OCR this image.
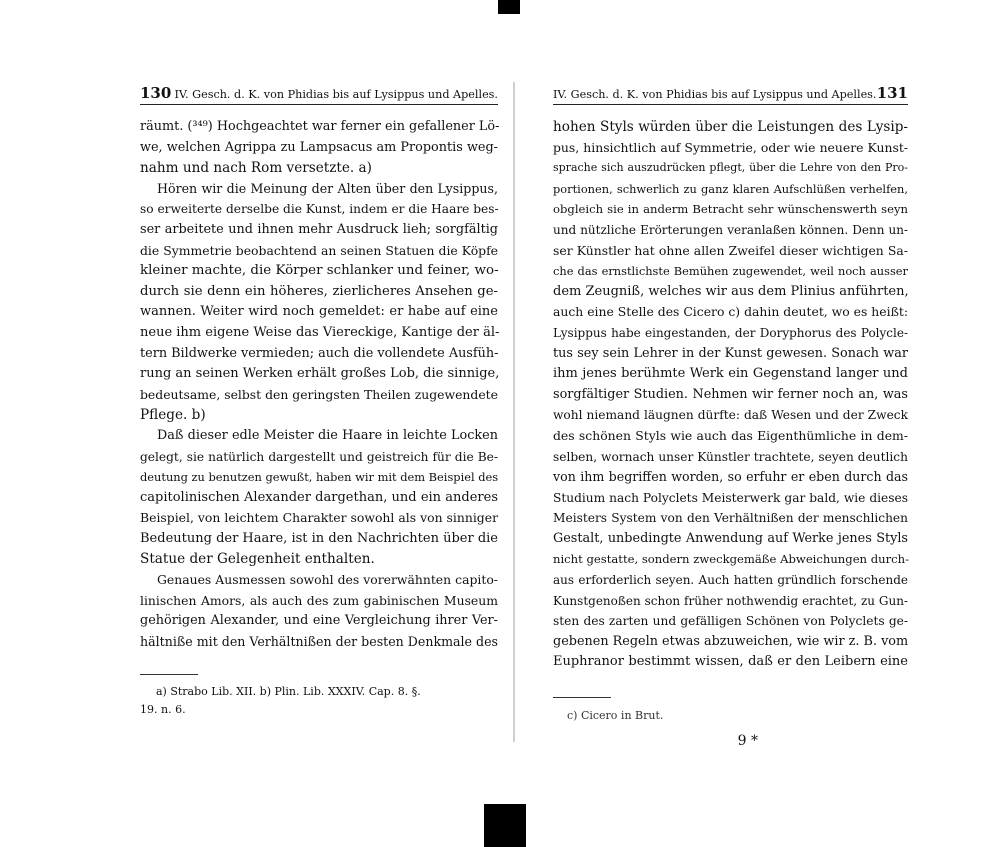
130 IV. Gesch. d. K. von Phidias bis auf Lysippus und Apelles.

räumt. (³⁴⁹) Hochgeachtet war ferner ein gefallener Lö-

we, welchen Agrippa zu Lampsacus am Propontis weg-

nahm und nach Rom versetzte. a)

Hören wir die Meinung der Alten über den Lysippus,

so erweiterte derselbe die Kunst, indem er die Haare bes-

ser arbeitete und ihnen mehr Ausdruck lieh; sorgfältig

die Symmetrie beobachtend an seinen Statuen die Köpfe

kleiner machte, die Körper schlanker und feiner, wo-

durch sie denn ein höheres, zierlicheres Ansehen ge-

wannen. Weiter wird noch gemeldet: er habe auf eine

neue ihm eigene Weise das Viereckige, Kantige der äl-

tern Bildwerke vermieden; auch die vollendete Ausfüh-

rung an seinen Werken erhält großes Lob, die sinnige,

bedeutsame, selbst den geringsten Theilen zugewendete

Pflege. b)

Daß dieser edle Meister die Haare in leichte Locken

gelegt, sie natürlich dargestellt und geistreich für die Be-

deutung zu benutzen gewußt, haben wir mit dem Beispiel des

capitolinischen Alexander dargethan, und ein anderes

Beispiel, von leichtem Charakter sowohl als von sinniger

Bedeutung der Haare, ist in den Nachrichten über die

Statue der Gelegenheit enthalten.

Genaues Ausmessen sowohl des vorerwähnten capito-

linischen Amors, als auch des zum gabinischen Museum

gehörigen Alexander, und eine Vergleichung ihrer Ver-

hältniße mit den Verhältnißen der besten Denkmale des

a) Strabo Lib. XII. b) Plin. Lib. XXXIV. Cap. 8. §.

19. n. 6.

IV. Gesch. d. K. von Phidias bis auf Lysippus und Apelles. 131

hohen Styls würden über die Leistungen des Lysip-

pus, hinsichtlich auf Symmetrie, oder wie neuere Kunst-

sprache sich auszudrücken pflegt, über die Lehre von den Pro-

portionen, schwerlich zu ganz klaren Aufschlüßen verhelfen,

obgleich sie in anderm Betracht sehr wünschenswerth seyn

und nützliche Erörterungen veranlaßen können. Denn un-

ser Künstler hat ohne allen Zweifel dieser wichtigen Sa-

che das ernstlichste Bemühen zugewendet, weil noch ausser

dem Zeugniß, welches wir aus dem Plinius anführten,

auch eine Stelle des Cicero c) dahin deutet, wo es heißt:

Lysippus habe eingestanden, der Doryphorus des Polycle-

tus sey sein Lehrer in der Kunst gewesen. Sonach war

ihm jenes berühmte Werk ein Gegenstand langer und

sorgfältiger Studien. Nehmen wir ferner noch an, was

wohl niemand läugnen dürfte: daß Wesen und der Zweck

des schönen Styls wie auch das Eigenthümliche in dem-

selben, wornach unser Künstler trachtete, seyen deutlich

von ihm begriffen worden, so erfuhr er eben durch das

Studium nach Polyclets Meisterwerk gar bald, wie dieses

Meisters System von den Verhältnißen der menschlichen

Gestalt, unbedingte Anwendung auf Werke jenes Styls

nicht gestatte, sondern zweckgemäße Abweichungen durch-

aus erforderlich seyen. Auch hatten gründlich forschende

Kunstgenoßen schon früher nothwendig erachtet, zu Gun-

sten des zarten und gefälligen Schönen von Polyclets ge-

gebenen Regeln etwas abzuweichen, wie wir z. B. vom

Euphranor bestimmt wissen, daß er den Leibern eine

c) Cicero in Brut.

9 *
